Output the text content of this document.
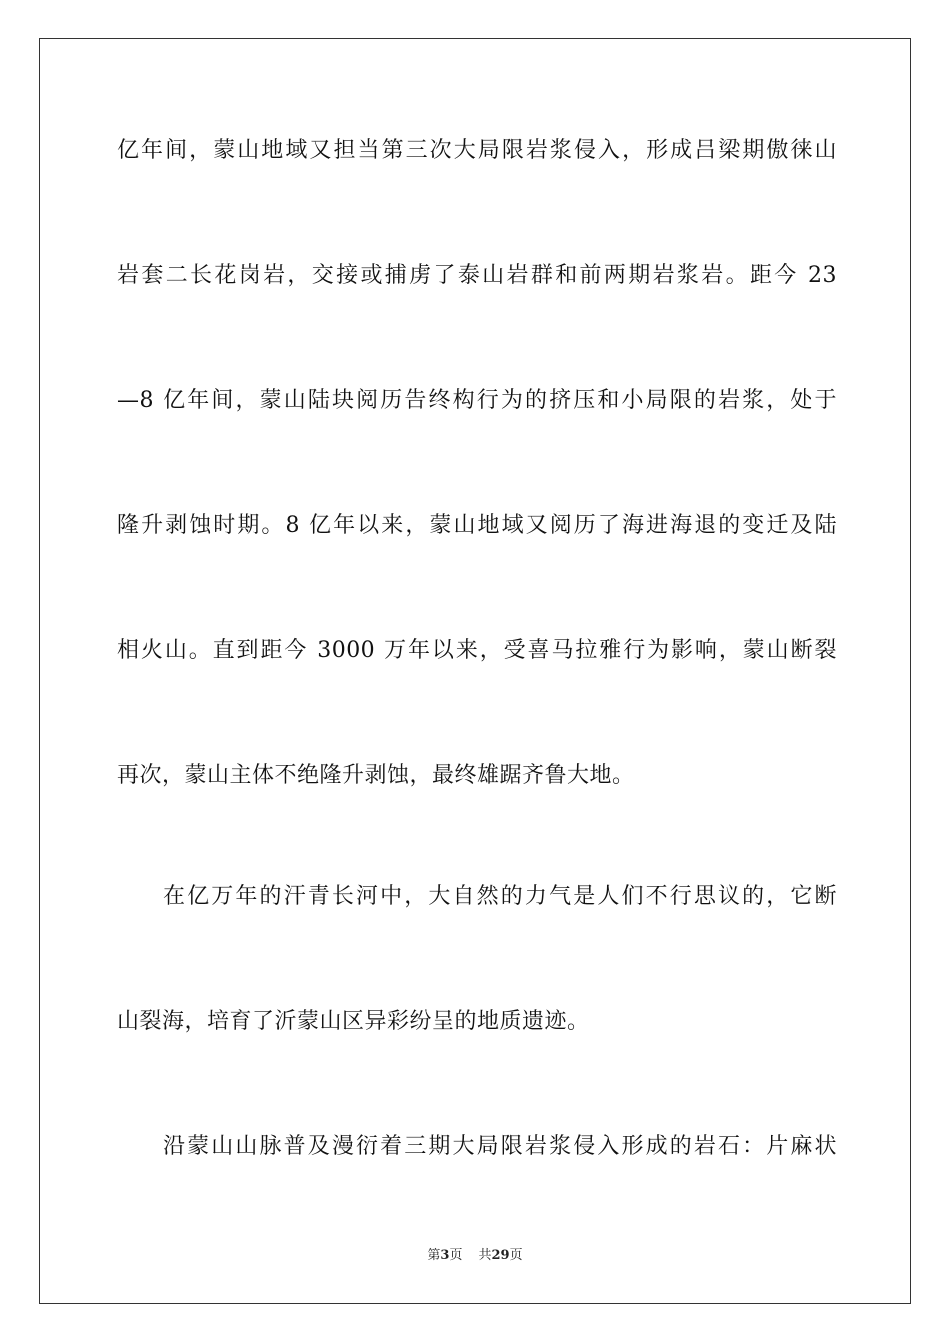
亿年间，蒙山地域又担当第三次大局限岩浆侵入，形成吕梁期傲徕山
岩套二长花岗岩，交接或捕虏了泰山岩群和前两期岩浆岩。距今 23
—8 亿年间，蒙山陆块阅历告终构行为的挤压和小局限的岩浆，处于
隆升剥蚀时期。8 亿年以来，蒙山地域又阅历了海进海退的变迁及陆
相火山。直到距今 3000 万年以来，受喜马拉雅行为影响，蒙山断裂
再次，蒙山主体不绝隆升剥蚀，最终雄踞齐鲁大地。
在亿万年的汗青长河中，大自然的力气是人们不行思议的，它断
山裂海，培育了沂蒙山区异彩纷呈的地质遗迹。
沿蒙山山脉普及漫衍着三期大局限岩浆侵入形成的岩石：片麻状
第3页 共29页
